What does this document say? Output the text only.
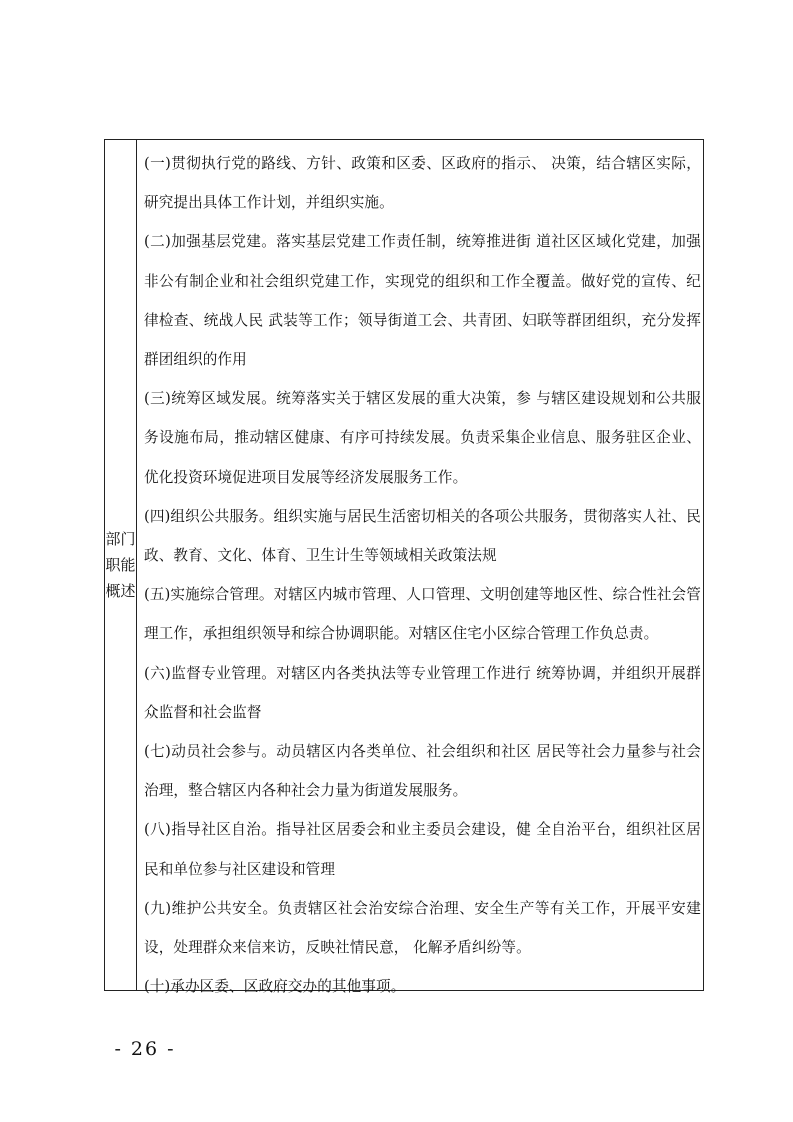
部门职能概述

(一)贯彻执行党的路线、方针、政策和区委、区政府的指示、 决策，结合辖区实际，研究提出具体工作计划，并组织实施。

(二)加强基层党建。落实基层党建工作责任制，统筹推进街 道社区区域化党建，加强非公有制企业和社会组织党建工作，实现党的组织和工作全覆盖。做好党的宣传、纪律检查、统战人民 武装等工作；领导街道工会、共青团、妇联等群团组织，充分发挥群团组织的作用

(三)统筹区域发展。统筹落实关于辖区发展的重大决策，参 与辖区建设规划和公共服务设施布局，推动辖区健康、有序可持续发展。负责采集企业信息、服务驻区企业、优化投资环境促进项目发展等经济发展服务工作。

(四)组织公共服务。组织实施与居民生活密切相关的各项公共服务，贯彻落实人社、民政、教育、文化、体育、卫生计生等领域相关政策法规

(五)实施综合管理。对辖区内城市管理、人口管理、文明创建等地区性、综合性社会管理工作，承担组织领导和综合协调职能。对辖区住宅小区综合管理工作负总责。

(六)监督专业管理。对辖区内各类执法等专业管理工作进行 统筹协调，并组织开展群众监督和社会监督

(七)动员社会参与。动员辖区内各类单位、社会组织和社区 居民等社会力量参与社会治理，整合辖区内各种社会力量为街道发展服务。

(八)指导社区自治。指导社区居委会和业主委员会建设，健 全自治平台，组织社区居民和单位参与社区建设和管理

(九)维护公共安全。负责辖区社会治安综合治理、安全生产等有关工作，开展平安建设，处理群众来信来访，反映社情民意， 化解矛盾纠纷等。

(十)承办区委、区政府交办的其他事项。

- 26 -
